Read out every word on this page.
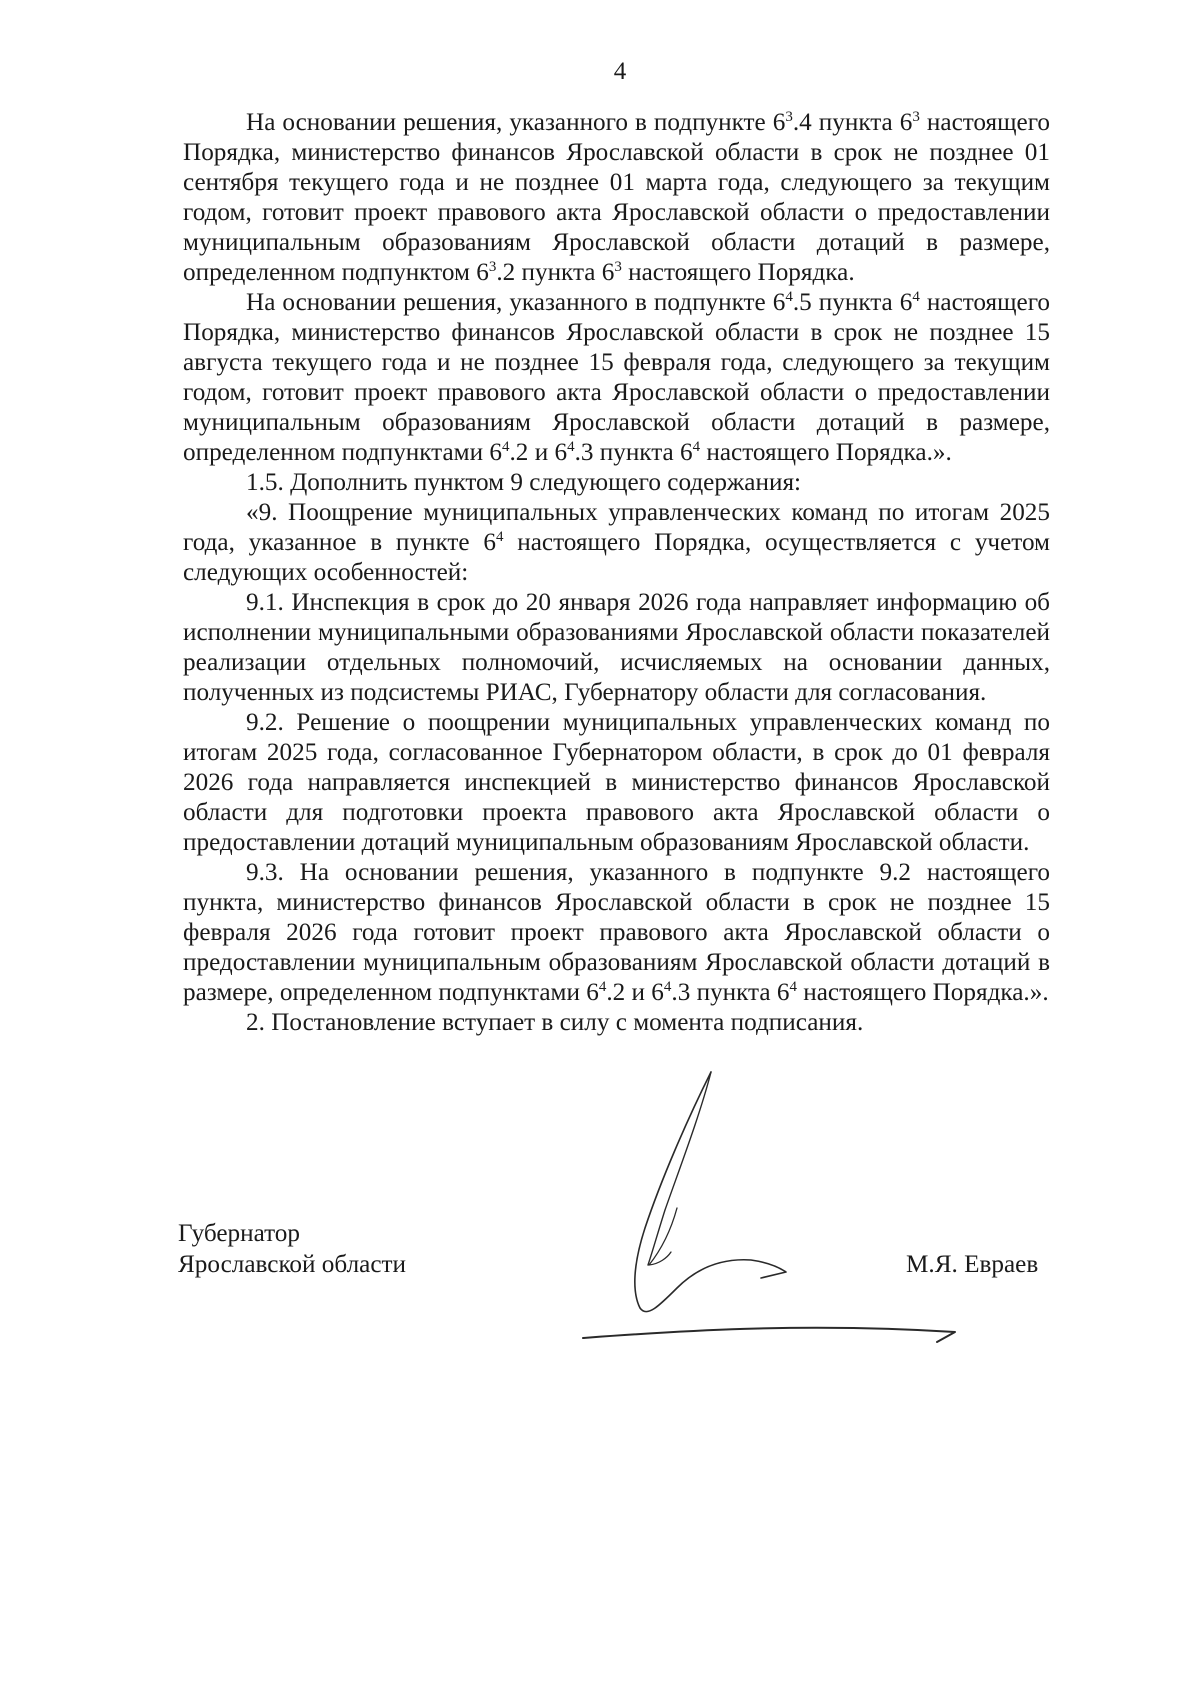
4

На основании решения, указанного в подпункте $6^3.4$ пункта $6^3$ настоящего Порядка, министерство финансов Ярославской области в срок не позднее 01 сентября текущего года и не позднее 01 марта года, следующего за текущим годом, готовит проект правового акта Ярославской области о предоставлении муниципальным образованиям Ярославской области дотаций в размере, определенном подпунктом $6^3.2$ пункта $6^3$ настоящего Порядка.

На основании решения, указанного в подпункте $6^4.5$ пункта $6^4$ настоящего Порядка, министерство финансов Ярославской области в срок не позднее 15 августа текущего года и не позднее 15 февраля года, следующего за текущим годом, готовит проект правового акта Ярославской области о предоставлении муниципальным образованиям Ярославской области дотаций в размере, определенном подпунктами $6^4.2$ и $6^4.3$ пункта $6^4$ настоящего Порядка.».

1.5. Дополнить пунктом 9 следующего содержания:

«9. Поощрение муниципальных управленческих команд по итогам 2025 года, указанное в пункте $6^4$ настоящего Порядка, осуществляется с учетом следующих особенностей:

9.1. Инспекция в срок до 20 января 2026 года направляет информацию об исполнении муниципальными образованиями Ярославской области показателей реализации отдельных полномочий, исчисляемых на основании данных, полученных из подсистемы РИАС, Губернатору области для согласования.

9.2. Решение о поощрении муниципальных управленческих команд по итогам 2025 года, согласованное Губернатором области, в срок до 01 февраля 2026 года направляется инспекцией в министерство финансов Ярославской области для подготовки проекта правового акта Ярославской области о предоставлении дотаций муниципальным образованиям Ярославской области.

9.3. На основании решения, указанного в подпункте 9.2 настоящего пункта, министерство финансов Ярославской области в срок не позднее 15 февраля 2026 года готовит проект правового акта Ярославской области о предоставлении муниципальным образованиям Ярославской области дотаций в размере, определенном подпунктами $6^4.2$ и $6^4.3$ пункта $6^4$ настоящего Порядка.».

2. Постановление вступает в силу с момента подписания.

Губернатор
Ярославской области	М.Я. Евраев
